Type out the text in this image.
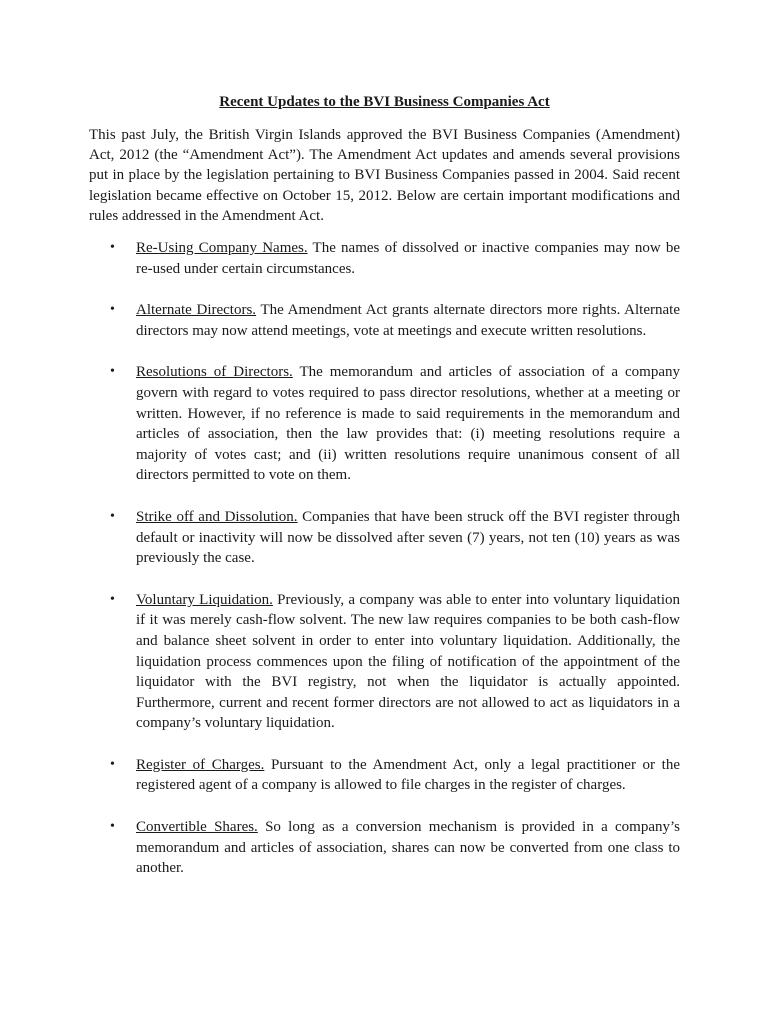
Recent Updates to the BVI Business Companies Act

This past July, the British Virgin Islands approved the BVI Business Companies (Amendment) Act, 2012 (the “Amendment Act”). The Amendment Act updates and amends several provisions put in place by the legislation pertaining to BVI Business Companies passed in 2004. Said recent legislation became effective on October 15, 2012. Below are certain important modifications and rules addressed in the Amendment Act.

• Re-Using Company Names. The names of dissolved or inactive companies may now be re-used under certain circumstances.
• Alternate Directors. The Amendment Act grants alternate directors more rights. Alternate directors may now attend meetings, vote at meetings and execute written resolutions.
• Resolutions of Directors. The memorandum and articles of association of a company govern with regard to votes required to pass director resolutions, whether at a meeting or written. However, if no reference is made to said requirements in the memorandum and articles of association, then the law provides that: (i) meeting resolutions require a majority of votes cast; and (ii) written resolutions require unanimous consent of all directors permitted to vote on them.
• Strike off and Dissolution. Companies that have been struck off the BVI register through default or inactivity will now be dissolved after seven (7) years, not ten (10) years as was previously the case.
• Voluntary Liquidation. Previously, a company was able to enter into voluntary liquidation if it was merely cash-flow solvent. The new law requires companies to be both cash-flow and balance sheet solvent in order to enter into voluntary liquidation. Additionally, the liquidation process commences upon the filing of notification of the appointment of the liquidator with the BVI registry, not when the liquidator is actually appointed. Furthermore, current and recent former directors are not allowed to act as liquidators in a company’s voluntary liquidation.
• Register of Charges. Pursuant to the Amendment Act, only a legal practitioner or the registered agent of a company is allowed to file charges in the register of charges.
• Convertible Shares. So long as a conversion mechanism is provided in a company’s memorandum and articles of association, shares can now be converted from one class to another.
